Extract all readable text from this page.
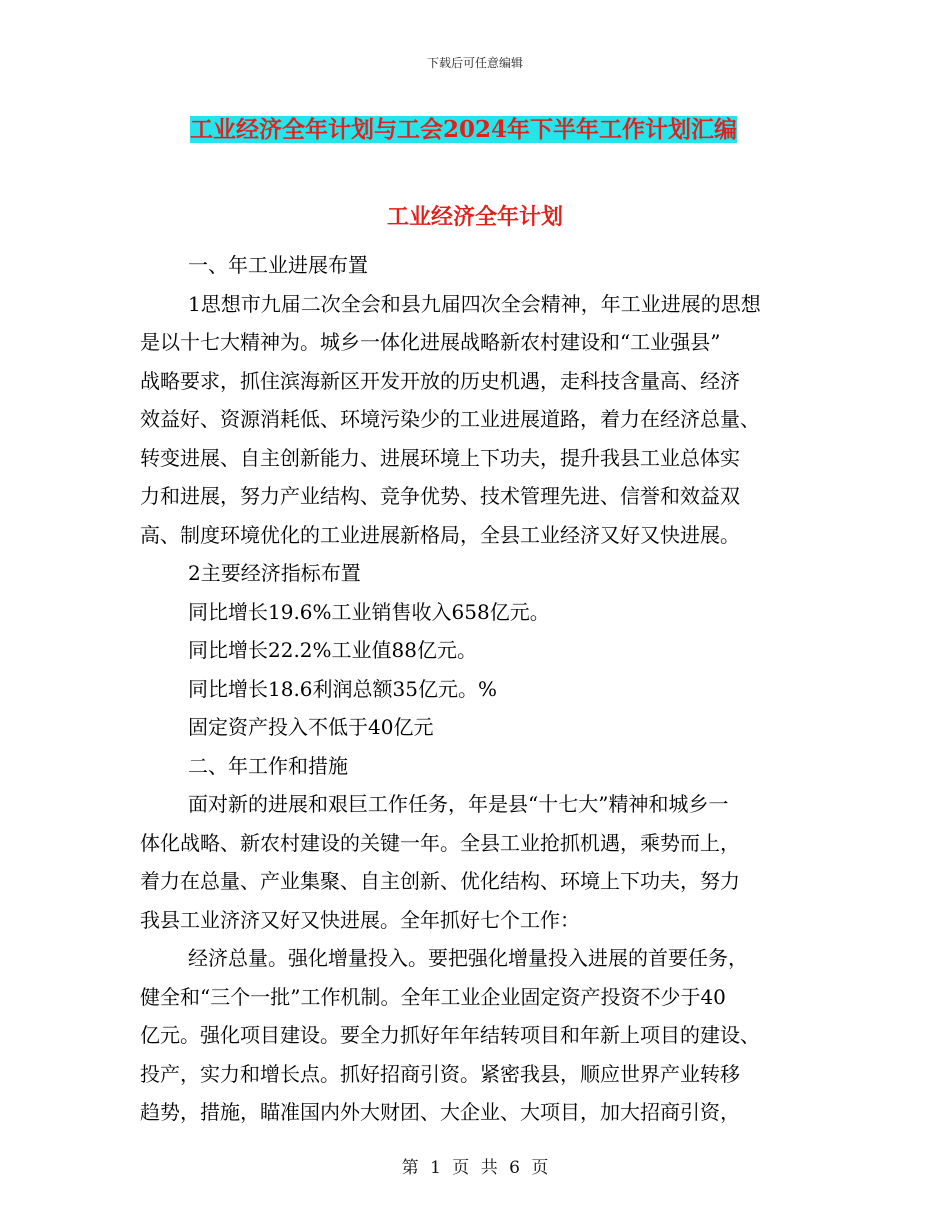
下载后可任意编辑
工业经济全年计划与工会2024年下半年工作计划汇编
工业经济全年计划
一、年工业进展布置
1思想市九届二次全会和县九届四次全会精神，年工业进展的思想
是以十七大精神为。城乡一体化进展战略新农村建设和“工业强县”
战略要求，抓住滨海新区开发开放的历史机遇，走科技含量高、经济
效益好、资源消耗低、环境污染少的工业进展道路，着力在经济总量、
转变进展、自主创新能力、进展环境上下功夫，提升我县工业总体实
力和进展，努力产业结构、竞争优势、技术管理先进、信誉和效益双
高、制度环境优化的工业进展新格局，全县工业经济又好又快进展。
2主要经济指标布置
同比增长19.6%工业销售收入658亿元。
同比增长22.2%工业值88亿元。
同比增长18.6利润总额35亿元。%
固定资产投入不低于40亿元
二、年工作和措施
面对新的进展和艰巨工作任务，年是县“十七大”精神和城乡一
体化战略、新农村建设的关键一年。全县工业抢抓机遇，乘势而上，
着力在总量、产业集聚、自主创新、优化结构、环境上下功夫，努力
我县工业济济又好又快进展。全年抓好七个工作：
经济总量。强化增量投入。要把强化增量投入进展的首要任务，
健全和“三个一批”工作机制。全年工业企业固定资产投资不少于40
亿元。强化项目建设。要全力抓好年年结转项目和年新上项目的建设、
投产，实力和增长点。抓好招商引资。紧密我县，顺应世界产业转移
趋势，措施，瞄准国内外大财团、大企业、大项目，加大招商引资，
第 1 页 共 6 页
